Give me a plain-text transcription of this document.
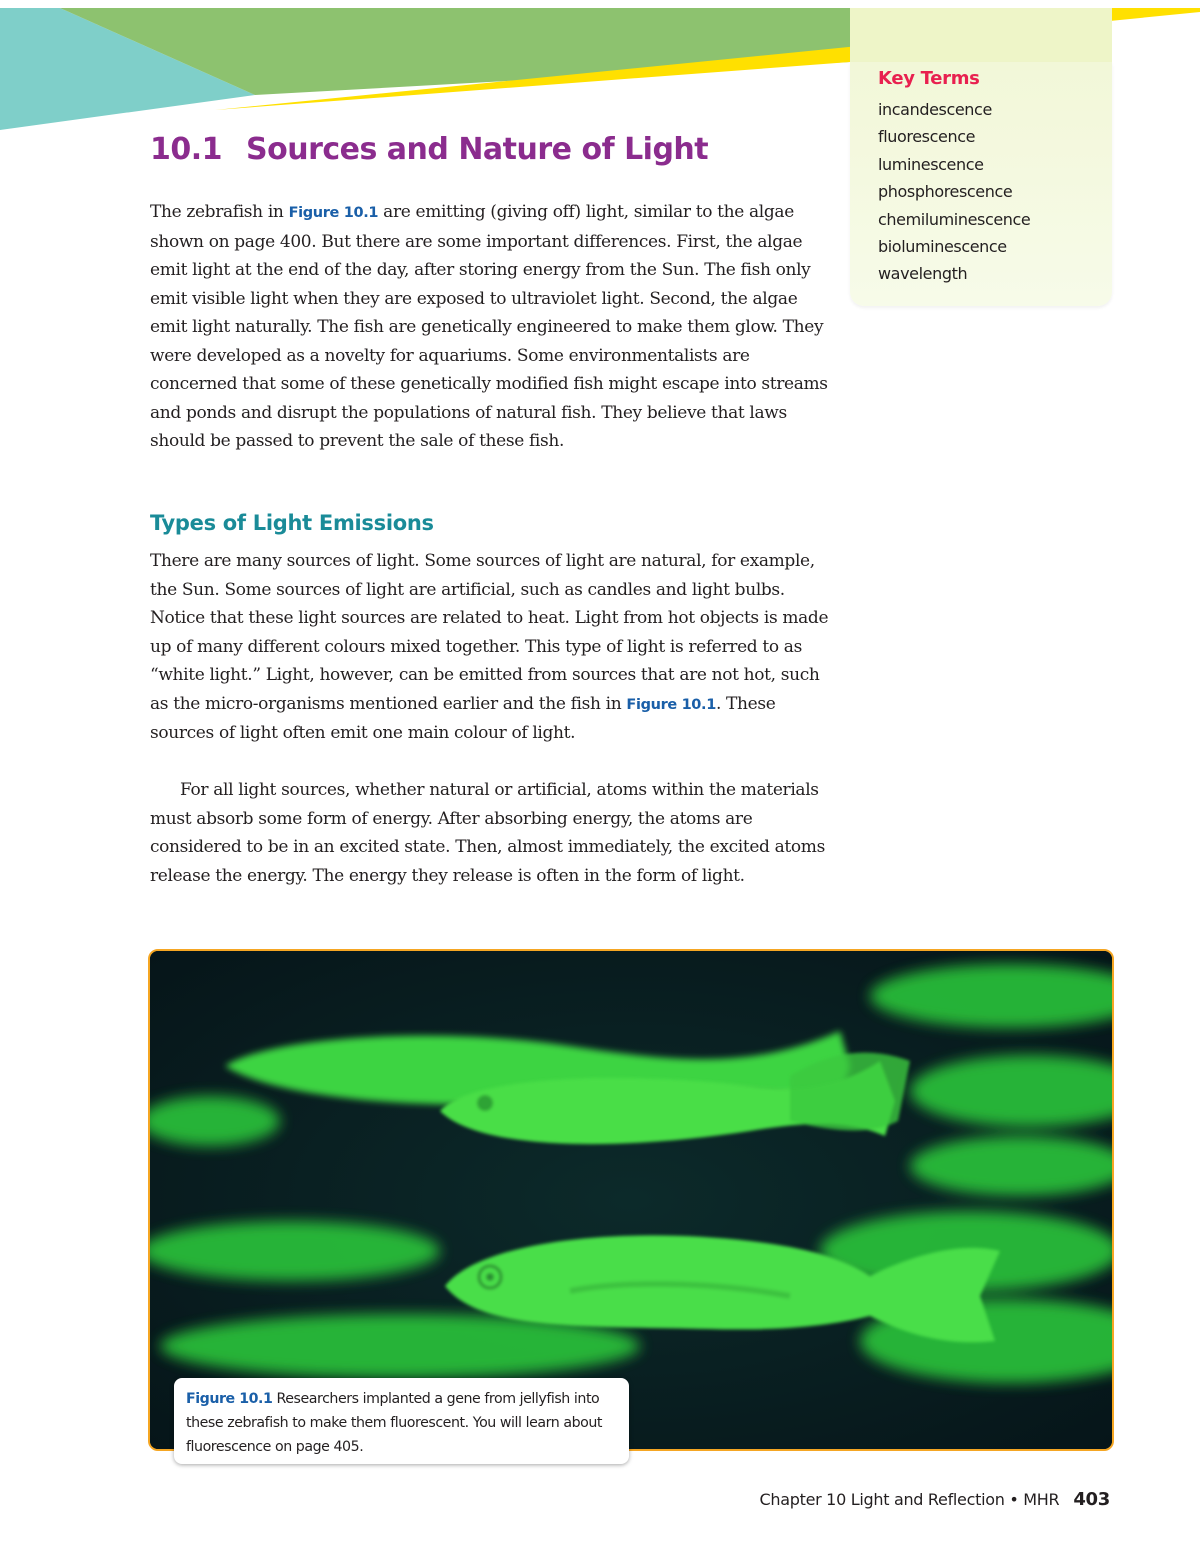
Key Terms
incandescence
fluorescence
luminescence
phosphorescence
chemiluminescence
bioluminescence
wavelength
10.1 Sources and Nature of Light

The zebrafish in Figure 10.1 are emitting (giving off) light, similar to the algae shown on page 400. But there are some important differences. First, the algae emit light at the end of the day, after storing energy from the Sun. The fish only emit visible light when they are exposed to ultraviolet light. Second, the algae emit light naturally. The fish are genetically engineered to make them glow. They were developed as a novelty for aquariums. Some environmentalists are concerned that some of these genetically modified fish might escape into streams and ponds and disrupt the populations of natural fish. They believe that laws should be passed to prevent the sale of these fish.

Types of Light Emissions

There are many sources of light. Some sources of light are natural, for example, the Sun. Some sources of light are artificial, such as candles and light bulbs. Notice that these light sources are related to heat. Light from hot objects is made up of many different colours mixed together. This type of light is referred to as “white light.” Light, however, can be emitted from sources that are not hot, such as the micro-organisms mentioned earlier and the fish in Figure 10.1. These sources of light often emit one main colour of light.

For all light sources, whether natural or artificial, atoms within the materials must absorb some form of energy. After absorbing energy, the atoms are considered to be in an excited state. Then, almost immediately, the excited atoms release the energy. The energy they release is often in the form of light.

Figure 10.1 Researchers implanted a gene from jellyfish into these zebrafish to make them fluorescent. You will learn about fluorescence on page 405.
Chapter 10 Light and Reflection • MHR 403
